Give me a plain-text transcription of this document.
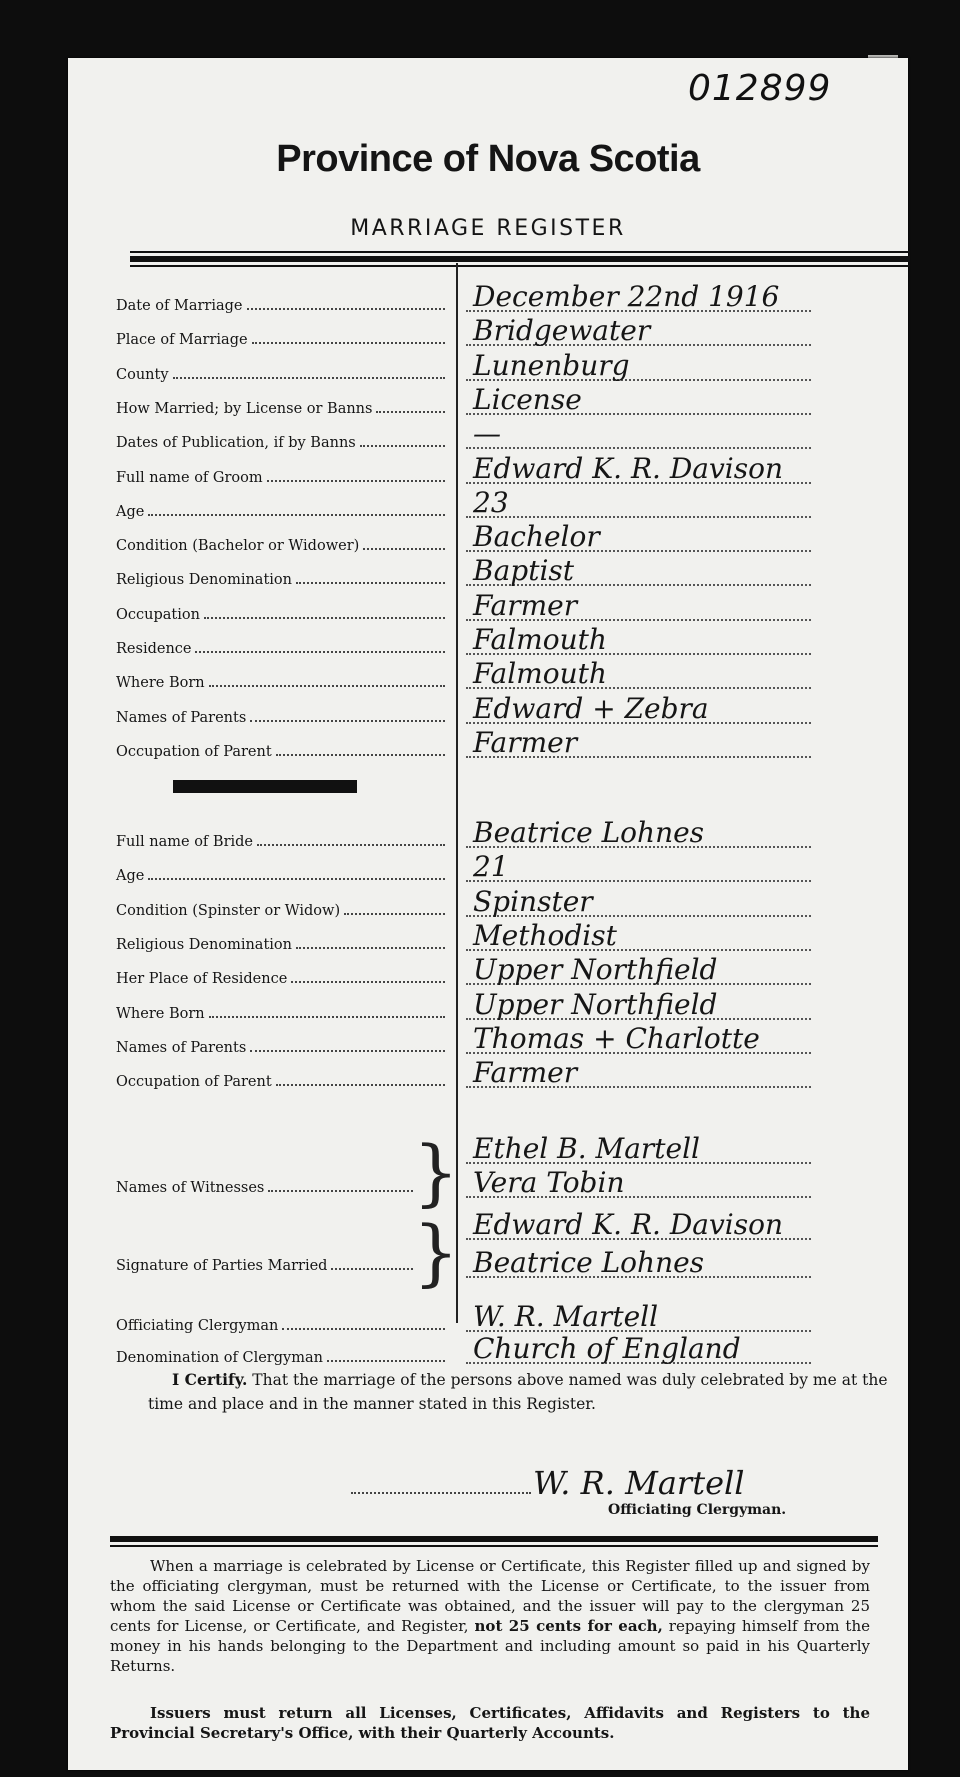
012899
Province of Nova Scotia
MARRIAGE REGISTER
Date of Marriage	December 22nd 1916
Place of Marriage	Bridgewater
County	Lunenburg
How Married; by License or Banns	License
Dates of Publication, if by Banns	—
Full name of Groom	Edward K. R. Davison
Age	23
Condition (Bachelor or Widower)	Bachelor
Religious Denomination	Baptist
Occupation	Farmer
Residence	Falmouth
Where Born	Falmouth
Names of Parents	Edward + Zebra
Occupation of Parent	Farmer
Full name of Bride	Beatrice Lohnes
Age	21
Condition (Spinster or Widow)	Spinster
Religious Denomination	Methodist
Her Place of Residence	Upper Northfield
Where Born	Upper Northfield
Names of Parents	Thomas + Charlotte
Occupation of Parent	Farmer
Names of Witnesses } Ethel B. Martell
Vera Tobin
Signature of Parties Married } Edward K. R. Davison
Beatrice Lohnes
Officiating Clergyman	W. R. Martell
Denomination of Clergyman	Church of England
I Certify. That the marriage of the persons above named was duly celebrated by me at the time and place and in the manner stated in this Register.
W. R. Martell
Officiating Clergyman.
When a marriage is celebrated by License or Certificate, this Register filled up and signed by the officiating clergyman, must be returned with the License or Certificate, to the issuer from whom the said License or Certificate was obtained, and the issuer will pay to the clergyman 25 cents for License, or Certificate, and Register, not 25 cents for each, repaying himself from the money in his hands belonging to the Department and including amount so paid in his Quarterly Returns.
Issuers must return all Licenses, Certificates, Affidavits and Registers to the Provincial Secretary's Office, with their Quarterly Accounts.
